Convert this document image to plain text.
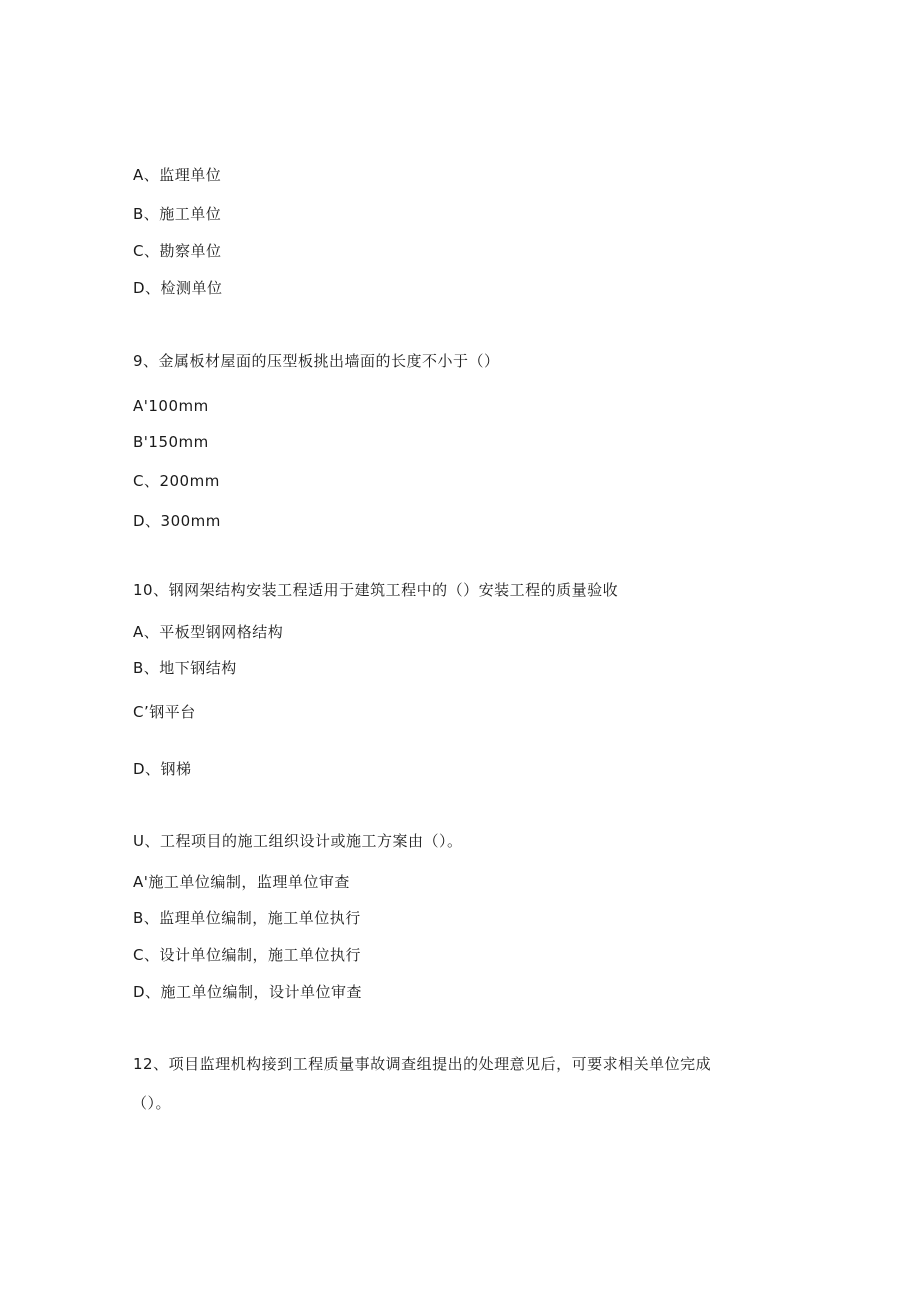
A、监理单位
B、施工单位
C、勘察单位
D、检测单位
9、金属板材屋面的压型板挑出墙面的长度不小于（）
A'100mm
B'150mm
C、200mm
D、300mm
10、钢网架结构安装工程适用于建筑工程中的（）安装工程的质量验收
A、平板型钢网格结构
B、地下钢结构
C’钢平台
D、钢梯
U、工程项目的施工组织设计或施工方案由（）。
A'施工单位编制，监理单位审查
B、监理单位编制，施工单位执行
C、设计单位编制，施工单位执行
D、施工单位编制，设计单位审查
12、项目监理机构接到工程质量事故调查组提出的处理意见后，可要求相关单位完成
（）。
